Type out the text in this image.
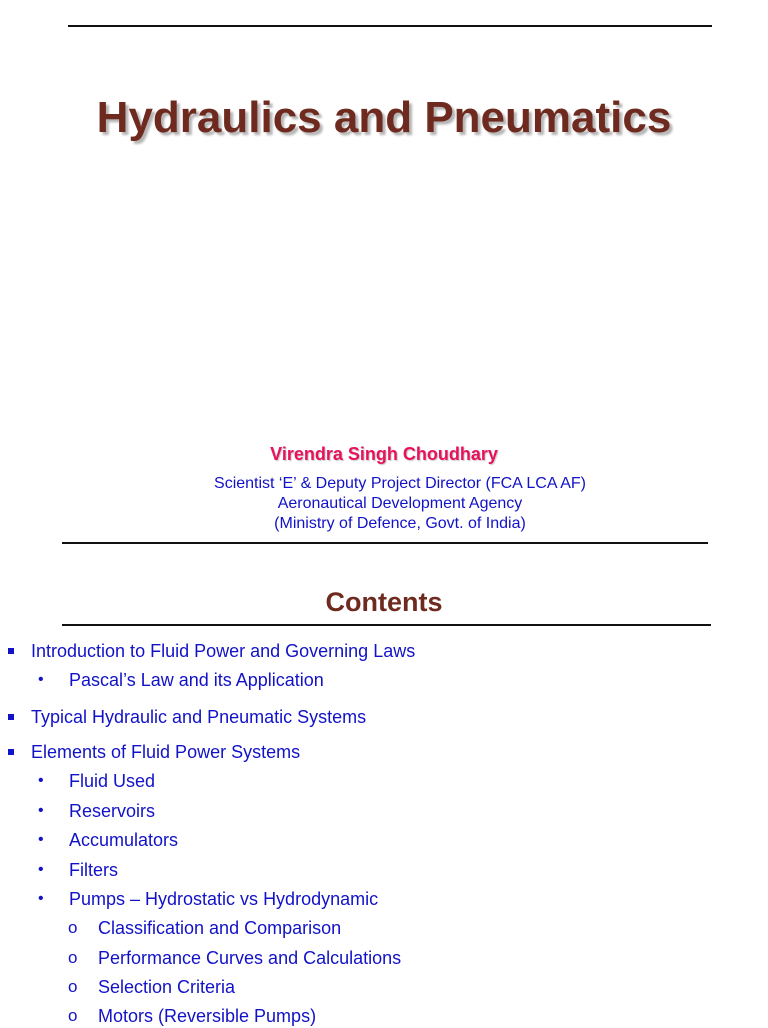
Hydraulics and Pneumatics
Virendra Singh Choudhary
Scientist ‘E’ & Deputy Project Director (FCA LCA AF)
Aeronautical Development Agency
(Ministry of Defence, Govt. of India)
Contents
Introduction to Fluid Power and Governing Laws
• Pascal’s Law and its Application
Typical Hydraulic and Pneumatic Systems
Elements of Fluid Power Systems
• Fluid Used
• Reservoirs
• Accumulators
• Filters
• Pumps – Hydrostatic vs Hydrodynamic
o Classification and Comparison
o Performance Curves and Calculations
o Selection Criteria
o Motors (Reversible Pumps)
